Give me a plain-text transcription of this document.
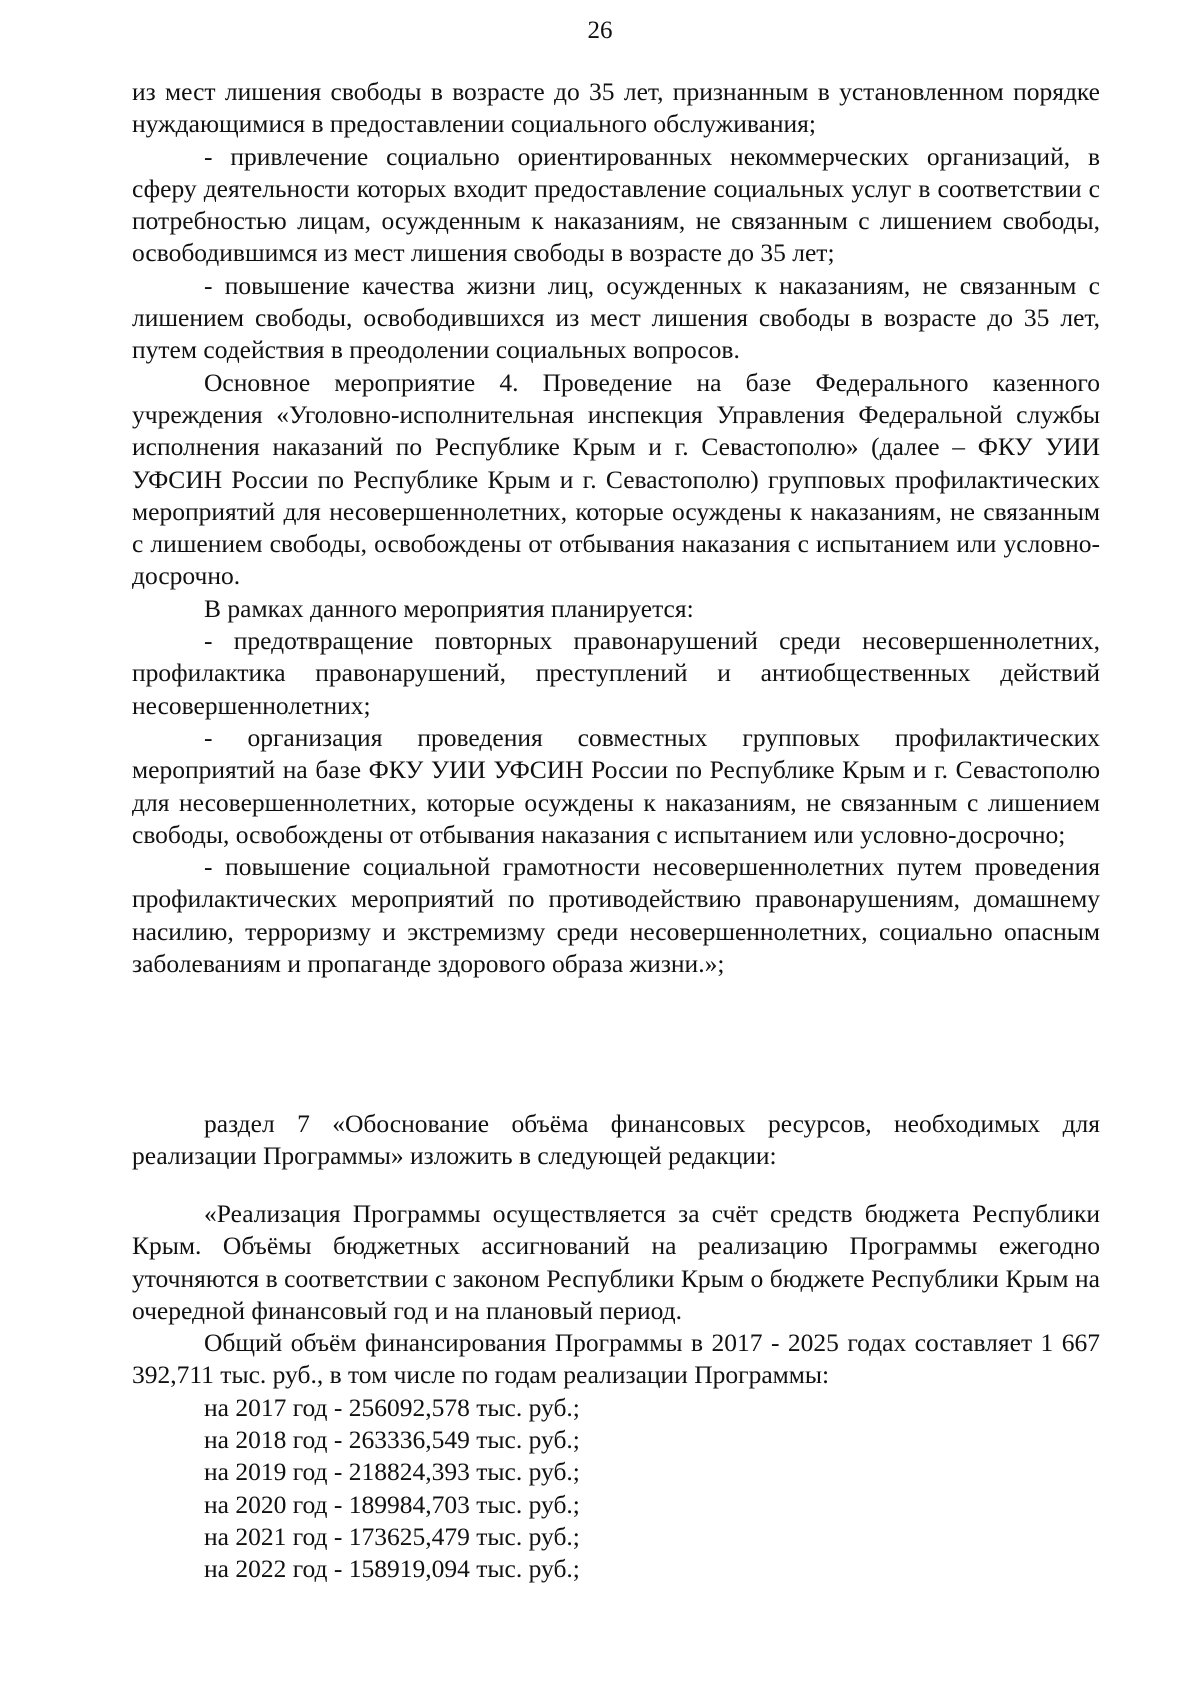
26

из мест лишения свободы в возрасте до 35 лет, признанным в установленном порядке нуждающимися в предоставлении социального обслуживания;

- привлечение социально ориентированных некоммерческих организаций, в сферу деятельности которых входит предоставление социальных услуг в соответствии с потребностью лицам, осужденным к наказаниям, не связанным с лишением свободы, освободившимся из мест лишения свободы в возрасте до 35 лет;

- повышение качества жизни лиц, осужденных к наказаниям, не связанным с лишением свободы, освободившихся из мест лишения свободы в возрасте до 35 лет, путем содействия в преодолении социальных вопросов.

Основное мероприятие 4. Проведение на базе Федерального казенного учреждения «Уголовно-исполнительная инспекция Управления Федеральной службы исполнения наказаний по Республике Крым и г. Севастополю» (далее – ФКУ УИИ УФСИН России по Республике Крым и г. Севастополю) групповых профилактических мероприятий для несовершеннолетних, которые осуждены к наказаниям, не связанным с лишением свободы, освобождены от отбывания наказания с испытанием или условно-досрочно.

В рамках данного мероприятия планируется:

- предотвращение повторных правонарушений среди несовершеннолетних, профилактика правонарушений, преступлений и антиобщественных действий несовершеннолетних;

- организация проведения совместных групповых профилактических мероприятий на базе ФКУ УИИ УФСИН России по Республике Крым и г. Севастополю для несовершеннолетних, которые осуждены к наказаниям, не связанным с лишением свободы, освобождены от отбывания наказания с испытанием или условно-досрочно;

- повышение социальной грамотности несовершеннолетних путем проведения профилактических мероприятий по противодействию правонарушениям, домашнему насилию, терроризму и экстремизму среди несовершеннолетних, социально опасным заболеваниям и пропаганде здорового образа жизни.»;

раздел 7 «Обоснование объёма финансовых ресурсов, необходимых для реализации Программы» изложить в следующей редакции:

«Реализация Программы осуществляется за счёт средств бюджета Республики Крым. Объёмы бюджетных ассигнований на реализацию Программы ежегодно уточняются в соответствии с законом Республики Крым о бюджете Республики Крым на очередной финансовый год и на плановый период.

Общий объём финансирования Программы в 2017 - 2025 годах составляет 1 667 392,711 тыс. руб., в том числе по годам реализации Программы:

на 2017 год - 256092,578 тыс. руб.;
на 2018 год - 263336,549 тыс. руб.;
на 2019 год - 218824,393 тыс. руб.;
на 2020 год - 189984,703 тыс. руб.;
на 2021 год - 173625,479 тыс. руб.;
на 2022 год - 158919,094 тыс. руб.;
